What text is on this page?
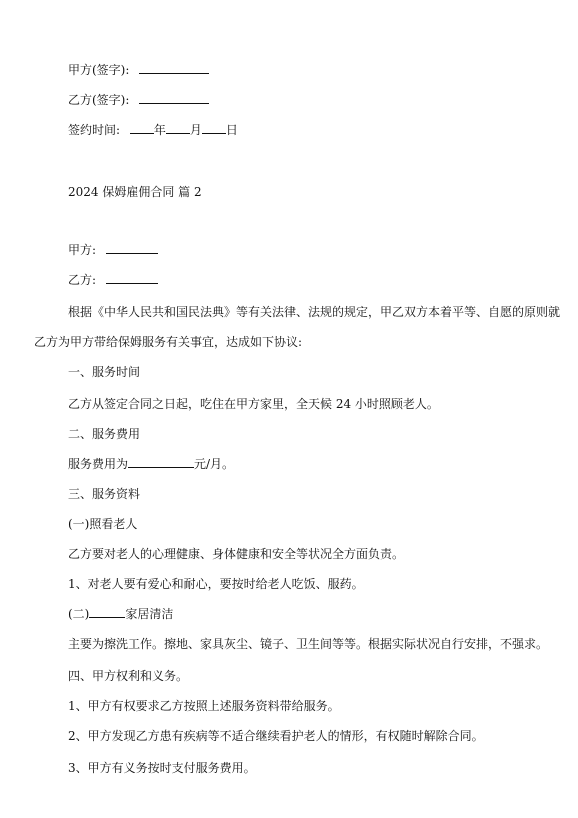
甲方(签字):
乙方(签字):
签约时间:	年 月 日
2024 保姆雇佣合同 篇 2
甲方:
乙方:
根据《中华人民共和国民法典》等有关法律、法规的规定，甲乙双方本着平等、自愿的原则就
乙方为甲方带给保姆服务有关事宜，达成如下协议:
一、服务时间
乙方从签定合同之日起，吃住在甲方家里，全天候 24 小时照顾老人。
二、服务费用
服务费用为	元/月。
三、服务资料
(一)照看老人
乙方要对老人的心理健康、身体健康和安全等状况全方面负责。
1、对老人要有爱心和耐心，要按时给老人吃饭、服药。
(二)	家居清洁
主要为擦洗工作。擦地、家具灰尘、镜子、卫生间等等。根据实际状况自行安排，不强求。
四、甲方权利和义务。
1、甲方有权要求乙方按照上述服务资料带给服务。
2、甲方发现乙方患有疾病等不适合继续看护老人的情形，有权随时解除合同。
3、甲方有义务按时支付服务费用。
